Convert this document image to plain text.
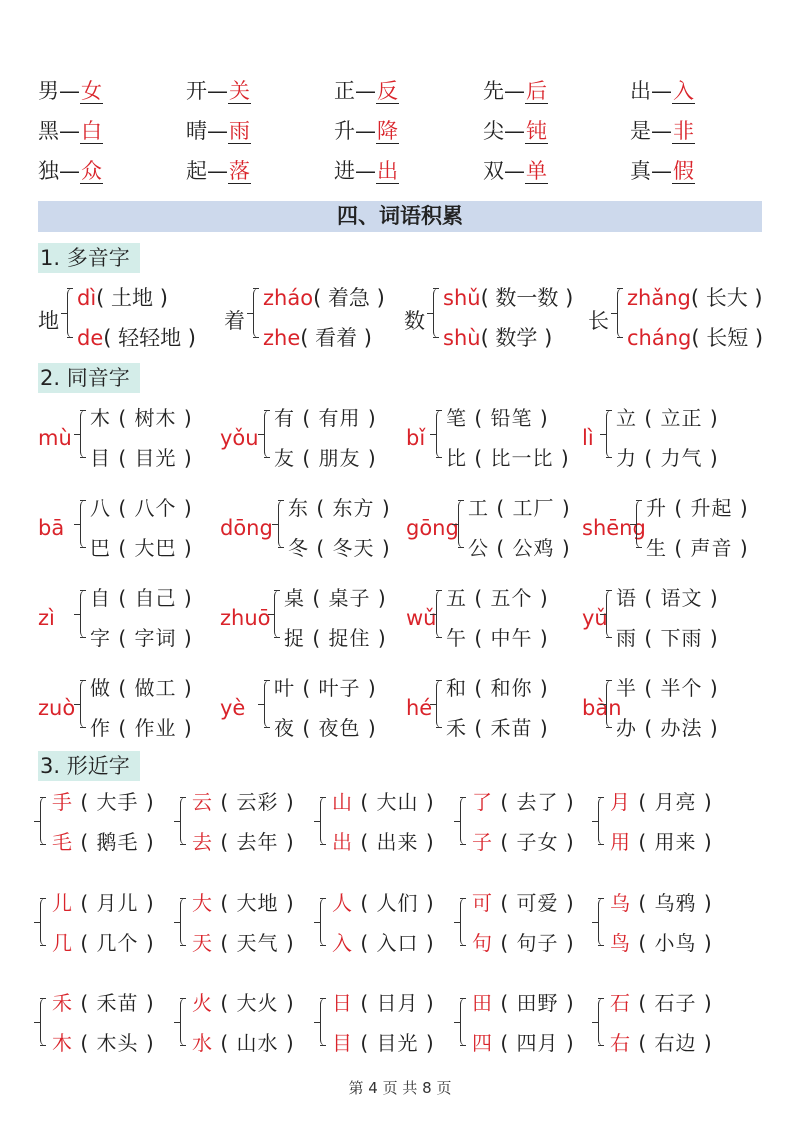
男—女	开—关	正—反	先—后	出—入
黑—白	晴—雨	升—降	尖—钝	是—非
独—众	起—落	进—出	双—单	真—假
四、词语积累
1. 多音字
地
dì( 土地 )
de( 轻轻地 )
着
zháo( 着急 )
zhe( 看着 )
数
shǔ( 数一数 )
shù( 数学 )
长
zhǎng( 长大 )
cháng( 长短 )
2. 同音字
mù
木 ( 树木 )
目 ( 目光 )
yǒu
有 ( 有用 )
友 ( 朋友 )
bǐ
笔 ( 铅笔 )
比 ( 比一比 )
lì
立 ( 立正 )
力 ( 力气 )
bā
八 ( 八个 )
巴 ( 大巴 )
dōng
东 ( 东方 )
冬 ( 冬天 )
gōng
工 ( 工厂 )
公 ( 公鸡 )
shēng
升 ( 升起 )
生 ( 声音 )
zì
自 ( 自己 )
字 ( 字词 )
zhuō
桌 ( 桌子 )
捉 ( 捉住 )
wǔ
五 ( 五个 )
午 ( 中午 )
yǔ
语 ( 语文 )
雨 ( 下雨 )
zuò
做 ( 做工 )
作 ( 作业 )
yè
叶 ( 叶子 )
夜 ( 夜色 )
hé
和 ( 和你 )
禾 ( 禾苗 )
bàn
半 ( 半个 )
办 ( 办法 )
3. 形近字
手 ( 大手 )
毛 ( 鹅毛 )
云 ( 云彩 )
去 ( 去年 )
山 ( 大山 )
出 ( 出来 )
了 ( 去了 )
子 ( 子女 )
月 ( 月亮 )
用 ( 用来 )
儿 ( 月儿 )
几 ( 几个 )
大 ( 大地 )
天 ( 天气 )
人 ( 人们 )
入 ( 入口 )
可 ( 可爱 )
句 ( 句子 )
乌 ( 乌鸦 )
鸟 ( 小鸟 )
禾 ( 禾苗 )
木 ( 木头 )
火 ( 大火 )
水 ( 山水 )
日 ( 日月 )
目 ( 目光 )
田 ( 田野 )
四 ( 四月 )
石 ( 石子 )
右 ( 右边 )
第 4 页 共 8 页
